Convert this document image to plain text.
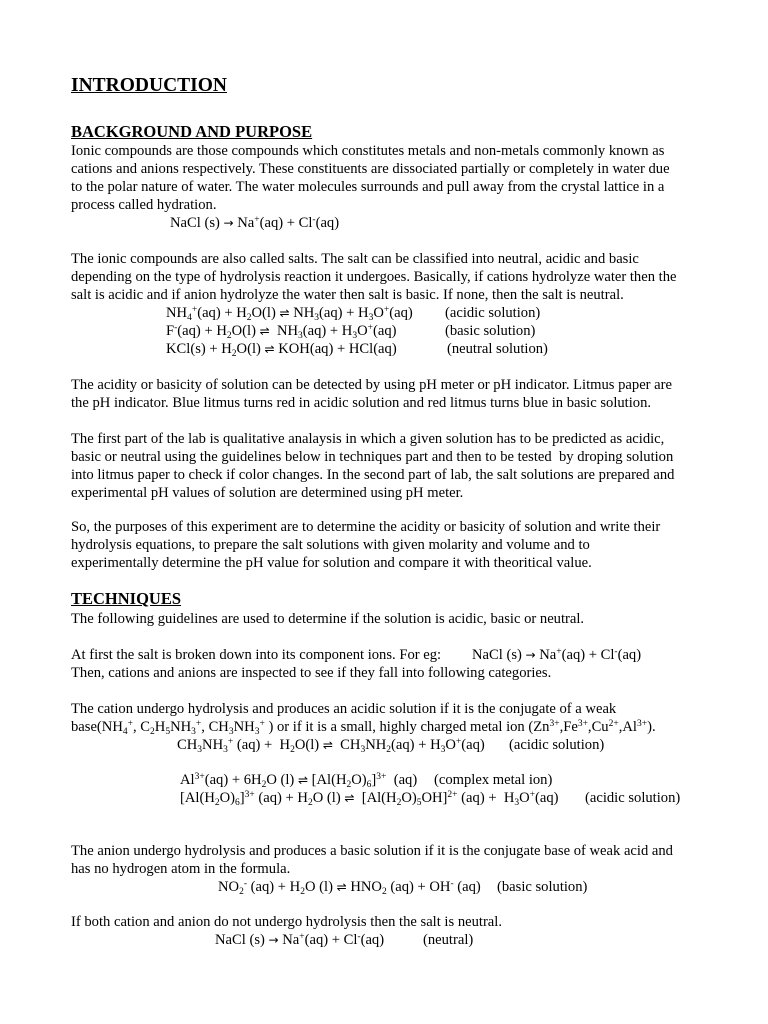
INTRODUCTION
BACKGROUND AND PURPOSE
Ionic compounds are those compounds which constitutes metals and non-metals commonly known as
cations and anions respectively. These constituents are dissociated partially or completely in water due
to the polar nature of water. The water molecules surrounds and pull away from the crystal lattice in a
process called hydration.
NaCl (s) → Na+(aq) + Cl-(aq)
The ionic compounds are also called salts. The salt can be classified into neutral, acidic and basic
depending on the type of hydrolysis reaction it undergoes. Basically, if cations hydrolyze water then the
salt is acidic and if anion hydrolyze the water then salt is basic. If none, then the salt is neutral.
$NH_4^+(aq) + H_2O(l)$ ⇌ $NH_3(aq) + H_3O^+(aq)$ (acidic solution)
$F^-(aq) + H_2O(l)$ ⇌  $NH_3(aq) + H_3O^+(aq)$	(basic solution)
$KCl(s) + H_2O(l)$ ⇌ KOH(aq) + HCl(aq)	(neutral solution)
The acidity or basicity of solution can be detected by using pH meter or pH indicator. Litmus paper are
the pH indicator. Blue litmus turns red in acidic solution and red litmus turns blue in basic solution.
The first part of the lab is qualitative analaysis in which a given solution has to be predicted as acidic,
basic or neutral using the guidelines below in techniques part and then to be tested  by droping solution
into litmus paper to check if color changes. In the second part of lab, the salt solutions are prepared and
experimental pH values of solution are determined using pH meter.
So, the purposes of this experiment are to determine the acidity or basicity of solution and write their
hydrolysis equations, to prepare the salt solutions with given molarity and volume and to
experimentally determine the pH value for solution and compare it with theoritical value.
TECHNIQUES
The following guidelines are used to determine if the solution is acidic, basic or neutral.
At first the salt is broken down into its component ions. For eg: NaCl (s) → Na+(aq) + Cl-(aq)
Then, cations and anions are inspected to see if they fall into following categories.
The cation undergo hydrolysis and produces an acidic solution if it is the conjugate of a weak
$base(NH_4^+$, $C_2H_5NH_3^+$, $CH_3NH_3^+$ ) or if it is a small, highly charged metal ion $(Zn^{3+},Fe^{3+},Cu^{2+},Al^{3+})$.
$CH_3NH_3^+$ $(aq) + H_2O(l)$ ⇌  $CH_3NH_2(aq) + H_3O^+(aq)$ (acidic solution)
$Al^{3+}(aq) + 6H_2O$ (l) ⇌ $[Al(H_2O)_6]^{3+}$  (aq) (complex metal ion)
$[Al(H_2O)_6]^{3+}$ $(aq) + H_2O$ (l) ⇌  $[Al(H_2O)_5OH]^{2+}$ $(aq) + H_3O^+(aq)$ (acidic solution)
The anion undergo hydrolysis and produces a basic solution if it is the conjugate base of weak acid and
has no hydrogen atom in the formula.
$NO_2^-$ $(aq) + H_2O$ (l) ⇌ $HNO_2$ (aq) + OH- (aq) (basic solution)
If both cation and anion do not undergo hydrolysis then the salt is neutral.
NaCl (s) → Na+(aq) + Cl-(aq)	(neutral)
